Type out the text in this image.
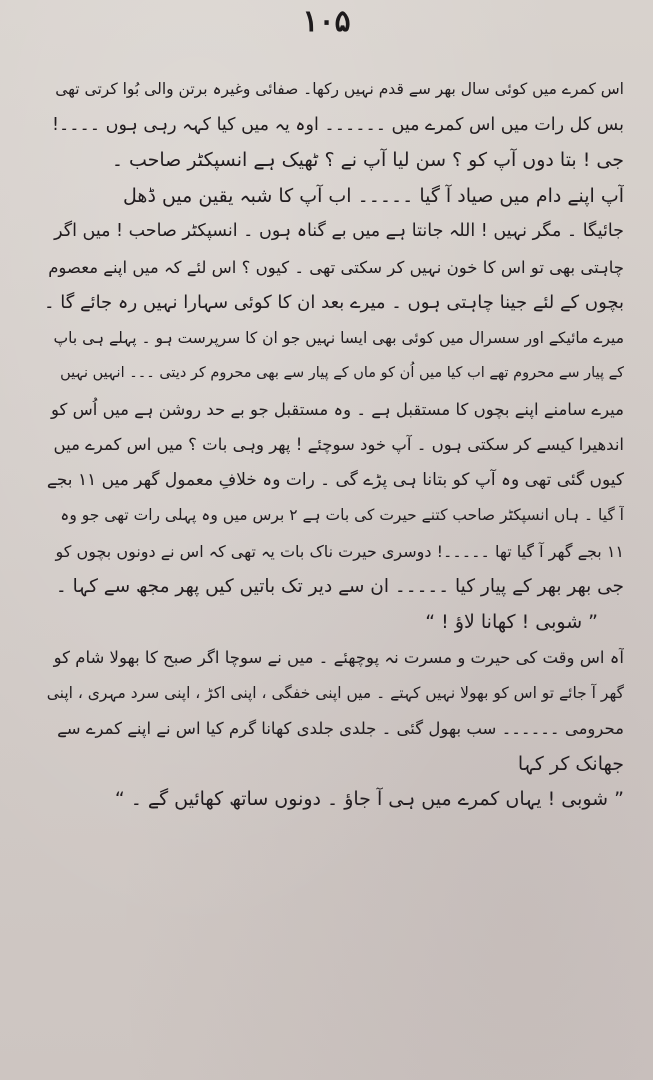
١٠۵
اس کمرے میں کوئی سال بھر سے قدم نہیں رکھا۔ صفائی وغیرہ برتن والی بُوا کرتی تھی
بس کل رات میں اس کمرے میں ۔۔۔۔۔۔ اوہ یہ میں کیا کہہ رہی ہوں ۔۔۔۔!
جی ! بتا دوں آپ کو ؟ سن لیا آپ نے ؟ ٹھیک ہے انسپکٹر صاحب ۔
آپ اپنے دام میں صیاد آ گیا ۔۔۔۔۔ اب آپ کا شبہ یقین میں ڈھل
جائیگا ۔ مگر نہیں ! اللہ جانتا ہے میں بے گناہ ہوں ۔ انسپکٹر صاحب ! میں اگر
چاہتی بھی تو اس کا خون نہیں کر سکتی تھی ۔ کیوں ؟ اس لئے کہ میں اپنے معصوم
بچوں کے لئے جینا چاہتی ہوں ۔ میرے بعد ان کا کوئی سہارا نہیں رہ جائے گا ۔
میرے مائیکے اور سسرال میں کوئی بھی ایسا نہیں جو ان کا سرپرست ہو ۔ پہلے ہی باپ
کے پیار سے محروم تھے اب کیا میں اُن کو ماں کے پیار سے بھی محروم کر دیتی ۔۔۔ انہیں نہیں
میرے سامنے اپنے بچوں کا مستقبل ہے ۔ وہ مستقبل جو بے حد روشن ہے میں اُس کو
اندھیرا کیسے کر سکتی ہوں ۔ آپ خود سوچئے ! پھر وہی بات ؟ میں اس کمرے میں
کیوں گئی تھی وہ آپ کو بتانا ہی پڑے گی ۔ رات وہ خلافِ معمول گھر میں ١١ بجے
آ گیا ۔ ہاں انسپکٹر صاحب کتنے حیرت کی بات ہے ٢ برس میں وہ پہلی رات تھی جو وہ
١١ بجے گھر آ گیا تھا ۔۔۔۔۔! دوسری حیرت ناک بات یہ تھی کہ اس نے دونوں بچوں کو
جی بھر بھر کے پیار کیا ۔۔۔۔۔ ان سے دیر تک باتیں کیں پھر مجھ سے کہا ۔
” شوبی ! کھانا لاؤ ! “
آہ اس وقت کی حیرت و مسرت نہ پوچھئے ۔ میں نے سوچا اگر صبح کا بھولا شام کو
گھر آ جائے تو اس کو بھولا نہیں کہتے ۔ میں اپنی خفگی ، اپنی اکڑ ، اپنی سرد مہری ، اپنی
محرومی ۔۔۔۔۔۔ سب بھول گئی ۔ جلدی جلدی کھانا گرم کیا اس نے اپنے کمرے سے
جھانک کر کہا
” شوبی ! یہاں کمرے میں ہی آ جاؤ ۔ دونوں ساتھ کھائیں گے ۔ “
